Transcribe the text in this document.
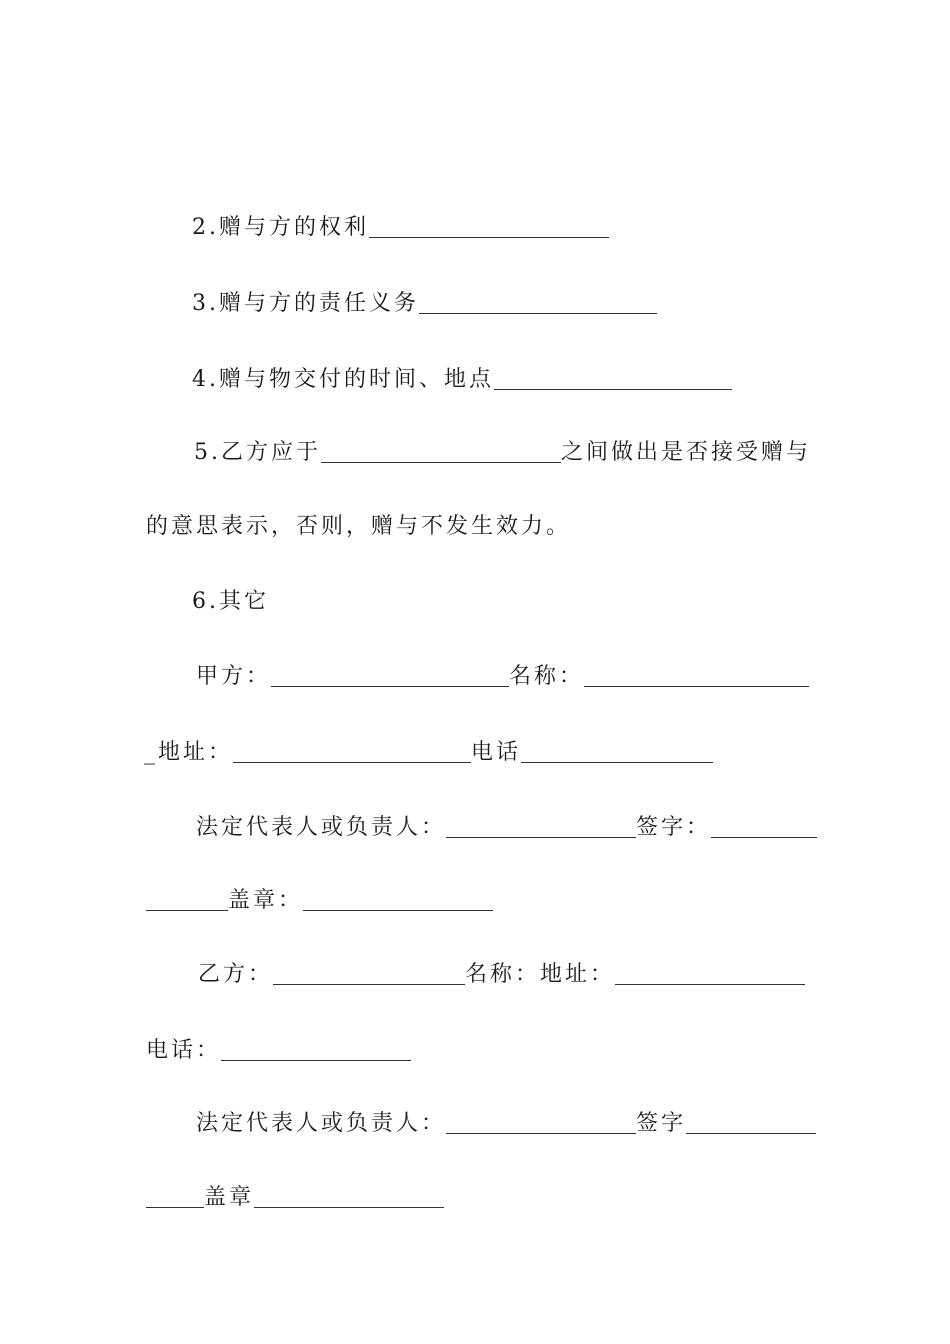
2.赠与方的权利
3.赠与方的责任义务
4.赠与物交付的时间、地点
5.乙方应于	之间做出是否接受赠与
的意思表示，否则，赠与不发生效力。
6.其它
甲方：	名称：
_地址：	电话
法定代表人或负责人：	签字：
盖章：
乙方：	名称：地址：
电话：
法定代表人或负责人：	签字
盖章
